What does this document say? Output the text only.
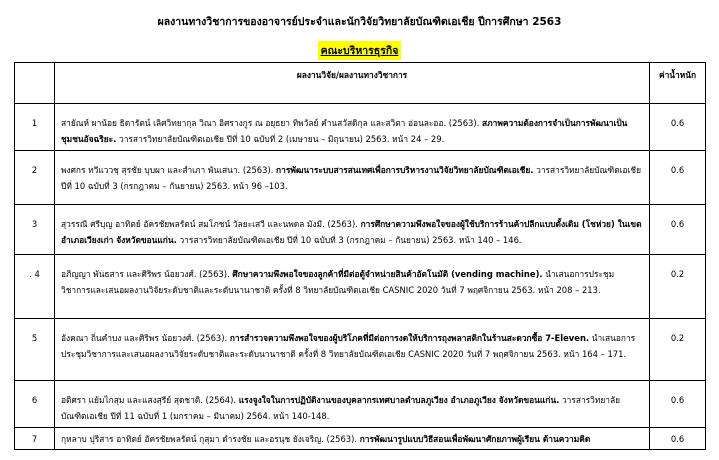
ผลงานทางวิชาการของอาจารย์ประจำและนักวิจัยวิทยาลัยบัณฑิตเอเชีย ปีการศึกษา 2563
คณะบริหารธุรกิจ
	ผลงานวิจัย/ผลงานทางวิชาการ	ค่าน้ำหนัก
1	สายัณห์ ผาน้อย ธิดารัตน์ เลิศวิทยากุล วิณา อิศรางกูร ณ อยุธยา ทิพวัลย์ คำนสวัสดิกุล และสวิตา อ่อนละออ. (2563). สภาพความต้องการจำเป็นการพัฒนาเป็นชุมชนอัจฉริยะ. วารสารวิทยาลัยบัณฑิตเอเชีย ปีที่ 10 ฉบับที่ 2 (เมษายน – มิถุนายน) 2563. หน้า 24 – 29.	0.6
2	พงศกร ทวีแววชุ สุรชัย บุบผา และสำเภา พันเสนา. (2563). การพัฒนาระบบสารสนเทศเพื่อการบริหารงานวิจัยวิทยาลัยบัณฑิตเอเชีย. วารสารวิทยาลัยบัณฑิตเอเชีย ปีที่ 10 ฉบับที่ 3 (กรกฎาคม – กันยายน) 2563. หน้า 96 –103.	0.6
3	สุวรรณี ศรีบุญ อาทิตย์ อัครชัยพลรัตน์ สมโภชน์ วัลยะเสวี และนพดล มังมี. (2563). การศึกษาความพึงพอใจของผู้ใช้บริการร้านค้าปลีกแบบดั้งเดิม (โชห่วย) ในเขตอำเภอเวียงเก่า จังหวัดขอนแก่น. วารสารวิทยาลัยบัณฑิตเอเชีย ปีที่ 10 ฉบับที่ 3 (กรกฎาคม – กันยายน) 2563. หน้า 140 – 146.	0.6
. 4	อภิญญา พันธสาร และศิริพร น้อยวงศ์. (2563). ศึกษาความพึงพอใจของลูกค้าที่มีต่อตู้จำหน่ายสินค้าอัตโนมัติ (vending machine). นำเสนอการประชุมวิชาการและเสนอผลงานวิจัยระดับชาติและระดับนานาชาติ ครั้งที่ 8 วิทยาลัยบัณฑิตเอเชีย CASNIC 2020 วันที่ 7 พฤศจิกายน 2563. หน้า 208 – 213.	0.2
5	อังคณา ถิ่นคำบง และศิริพร น้อยวงศ์. (2563). การสำรวจความพึงพอใจของผู้บริโภคที่มีต่อการงดให้บริการถุงพลาสติกในร้านสะดวกซื้อ 7-Eleven. นำเสนอการประชุมวิชาการและเสนอผลงานวิจัยระดับชาติและระดับนานาชาติ ครั้งที่ 8 วิทยาลัยบัณฑิตเอเชีย CASNIC 2020 วันที่ 7 พฤศจิกายน 2563. หน้า 164 – 171.	0.2
6	อติศรา แย้มไกสุม และแสงสุรีย์ สุดชาติ. (2564). แรงจูงใจในการปฏิบัติงานของบุคลากรเทศบาลตำบลภูเวียง อำเภอภูเวียง จังหวัดขอนแก่น. วารสารวิทยาลัยบัณฑิตเอเชีย ปีที่ 11 ฉบับที่ 1 (มกราคม – มีนาคม) 2564. หน้า 140-148.	0.6
7	กุหลาบ ปุริสาร อาทิตย์ อัครชัยพลรัตน์ กุสุมา ดำรงชัย และอรนุช ยังเจริญ. (2563). การพัฒนารูปแบบวิธีสอนเพื่อพัฒนาศักยภาพผู้เรียน ด้านความคิด	0.6
